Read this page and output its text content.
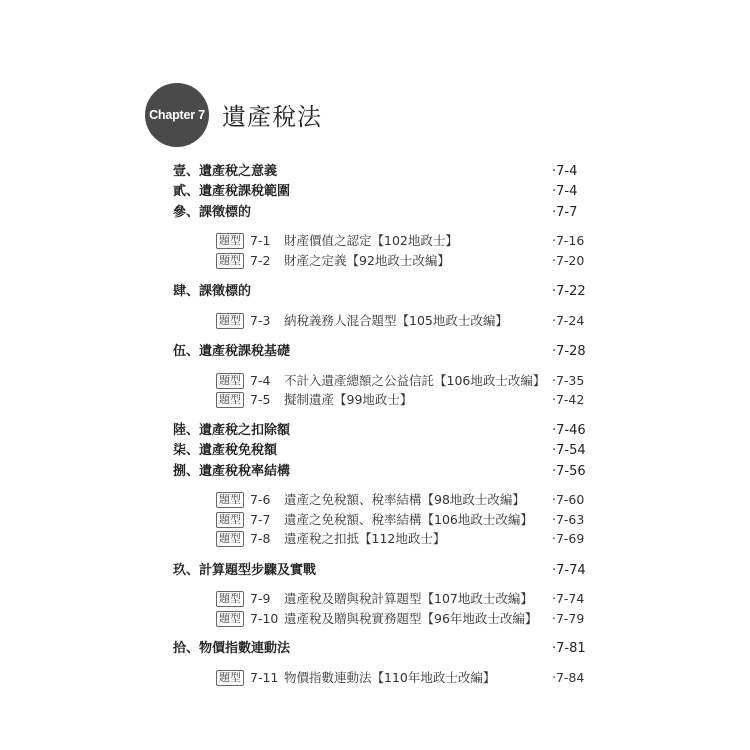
Chapter 7 遺產稅法
壹、遺產稅之意義	‧7-4
貳、遺產稅課稅範圍	‧7-4
參、課徵標的	‧7-7
題型 7-1 財產價值之認定【102地政士】	‧7-16
題型 7-2 財產之定義【92地政士改編】	‧7-20
肆、課徵標的	‧7-22
題型 7-3 納稅義務人混合題型【105地政士改編】	‧7-24
伍、遺產稅課稅基礎	‧7-28
題型 7-4 不計入遺產總額之公益信託【106地政士改編】 ‧7-35
題型 7-5 擬制遺產【99地政士】	‧7-42
陸、遺產稅之扣除額	‧7-46
柒、遺產稅免稅額	‧7-54
捌、遺產稅稅率結構	‧7-56
題型 7-6 遺產之免稅額、稅率結構【98地政士改編】 ‧7-60
題型 7-7 遺產之免稅額、稅率結構【106地政士改編】 ‧7-63
題型 7-8 遺產稅之扣抵【112地政士】	‧7-69
玖、計算題型步驟及實戰	‧7-74
題型 7-9 遺產稅及贈與稅計算題型【107地政士改編】 ‧7-74
題型 7-10 遺產稅及贈與稅實務題型【96年地政士改編】 ‧7-79
拾、物價指數連動法	‧7-81
題型 7-11 物價指數連動法【110年地政士改編】	‧7-84
